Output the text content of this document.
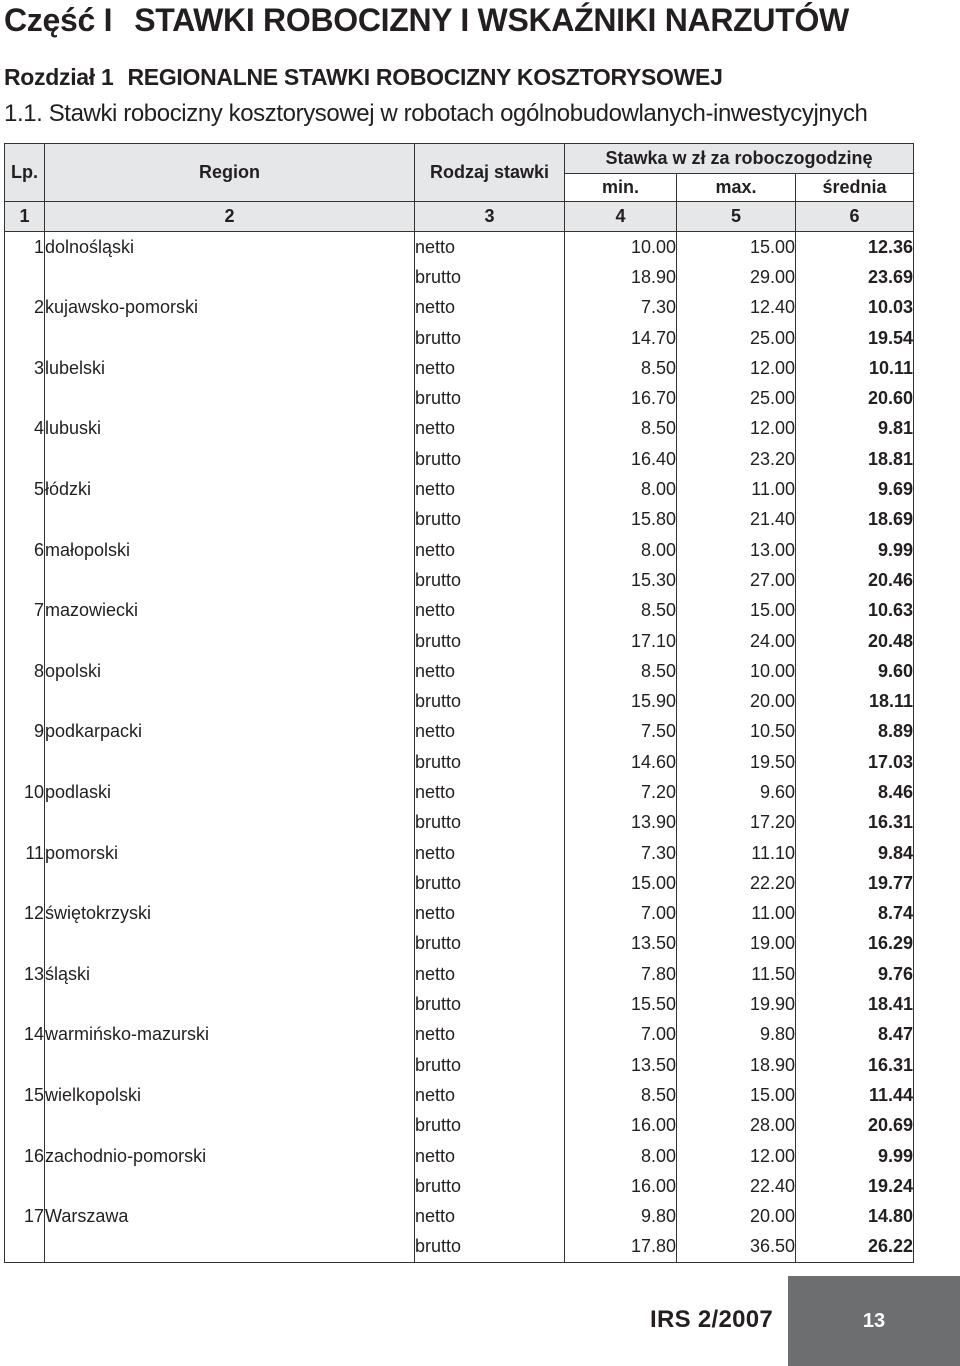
Część I STAWKI ROBOCIZNY I WSKAŹNIKI NARZUTÓW
Rozdział 1 REGIONALNE STAWKI ROBOCIZNY KOSZTORYSOWEJ
1.1. Stawki robocizny kosztorysowej w robotach ogólnobudowlanych-inwestycyjnych
Lp.	Region	Rodzaj stawki	Stawka w zł za roboczogodzinę		
			min.	max.	średnia
1	2	3	4	5	6
1	dolnośląski	netto	10.00	15.00	12.36
		brutto	18.90	29.00	23.69
2	kujawsko-pomorski	netto	7.30	12.40	10.03
		brutto	14.70	25.00	19.54
3	lubelski	netto	8.50	12.00	10.11
		brutto	16.70	25.00	20.60
4	lubuski	netto	8.50	12.00	9.81
		brutto	16.40	23.20	18.81
5	łódzki	netto	8.00	11.00	9.69
		brutto	15.80	21.40	18.69
6	małopolski	netto	8.00	13.00	9.99
		brutto	15.30	27.00	20.46
7	mazowiecki	netto	8.50	15.00	10.63
		brutto	17.10	24.00	20.48
8	opolski	netto	8.50	10.00	9.60
		brutto	15.90	20.00	18.11
9	podkarpacki	netto	7.50	10.50	8.89
		brutto	14.60	19.50	17.03
10	podlaski	netto	7.20	9.60	8.46
		brutto	13.90	17.20	16.31
11	pomorski	netto	7.30	11.10	9.84
		brutto	15.00	22.20	19.77
12	świętokrzyski	netto	7.00	11.00	8.74
		brutto	13.50	19.00	16.29
13	śląski	netto	7.80	11.50	9.76
		brutto	15.50	19.90	18.41
14	warmińsko-mazurski	netto	7.00	9.80	8.47
		brutto	13.50	18.90	16.31
15	wielkopolski	netto	8.50	15.00	11.44
		brutto	16.00	28.00	20.69
16	zachodnio-pomorski	netto	8.00	12.00	9.99
		brutto	16.00	22.40	19.24
17	Warszawa	netto	9.80	20.00	14.80
		brutto	17.80	36.50	26.22
IRS 2/2007	13
